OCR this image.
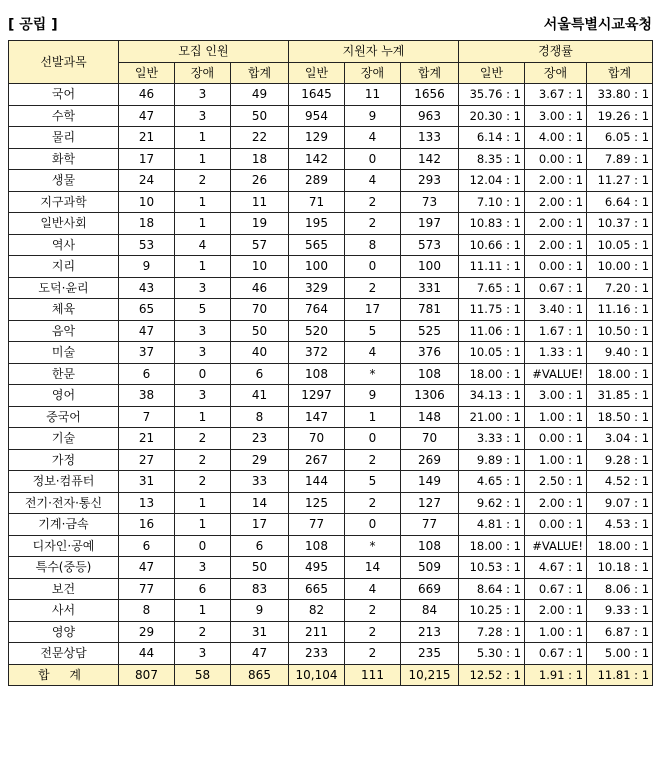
[ 공립 ]	서울특별시교육청
선발과목	모집 인원			지원자 누계			경쟁률		
	일반	장애	합계	일반	장애	합계	일반	장애	합계
국어	46	3	49	1645	11	1656	35.76 : 1	3.67 : 1	33.80 : 1
수학	47	3	50	954	9	963	20.30 : 1	3.00 : 1	19.26 : 1
물리	21	1	22	129	4	133	6.14 : 1	4.00 : 1	6.05 : 1
화학	17	1	18	142	0	142	8.35 : 1	0.00 : 1	7.89 : 1
생물	24	2	26	289	4	293	12.04 : 1	2.00 : 1	11.27 : 1
지구과학	10	1	11	71	2	73	7.10 : 1	2.00 : 1	6.64 : 1
일반사회	18	1	19	195	2	197	10.83 : 1	2.00 : 1	10.37 : 1
역사	53	4	57	565	8	573	10.66 : 1	2.00 : 1	10.05 : 1
지리	9	1	10	100	0	100	11.11 : 1	0.00 : 1	10.00 : 1
도덕·윤리	43	3	46	329	2	331	7.65 : 1	0.67 : 1	7.20 : 1
체육	65	5	70	764	17	781	11.75 : 1	3.40 : 1	11.16 : 1
음악	47	3	50	520	5	525	11.06 : 1	1.67 : 1	10.50 : 1
미술	37	3	40	372	4	376	10.05 : 1	1.33 : 1	9.40 : 1
한문	6	0	6	108	*	108	18.00 : 1	#VALUE!	18.00 : 1
영어	38	3	41	1297	9	1306	34.13 : 1	3.00 : 1	31.85 : 1
중국어	7	1	8	147	1	148	21.00 : 1	1.00 : 1	18.50 : 1
기술	21	2	23	70	0	70	3.33 : 1	0.00 : 1	3.04 : 1
가정	27	2	29	267	2	269	9.89 : 1	1.00 : 1	9.28 : 1
정보·컴퓨터	31	2	33	144	5	149	4.65 : 1	2.50 : 1	4.52 : 1
전기·전자·통신	13	1	14	125	2	127	9.62 : 1	2.00 : 1	9.07 : 1
기계·금속	16	1	17	77	0	77	4.81 : 1	0.00 : 1	4.53 : 1
디자인·공예	6	0	6	108	*	108	18.00 : 1	#VALUE!	18.00 : 1
특수(중등)	47	3	50	495	14	509	10.53 : 1	4.67 : 1	10.18 : 1
보건	77	6	83	665	4	669	8.64 : 1	0.67 : 1	8.06 : 1
사서	8	1	9	82	2	84	10.25 : 1	2.00 : 1	9.33 : 1
영양	29	2	31	211	2	213	7.28 : 1	1.00 : 1	6.87 : 1
전문상담	44	3	47	233	2	235	5.30 : 1	0.67 : 1	5.00 : 1
합 계	807	58	865	10,104	111	10,215	12.52 : 1	1.91 : 1	11.81 : 1
